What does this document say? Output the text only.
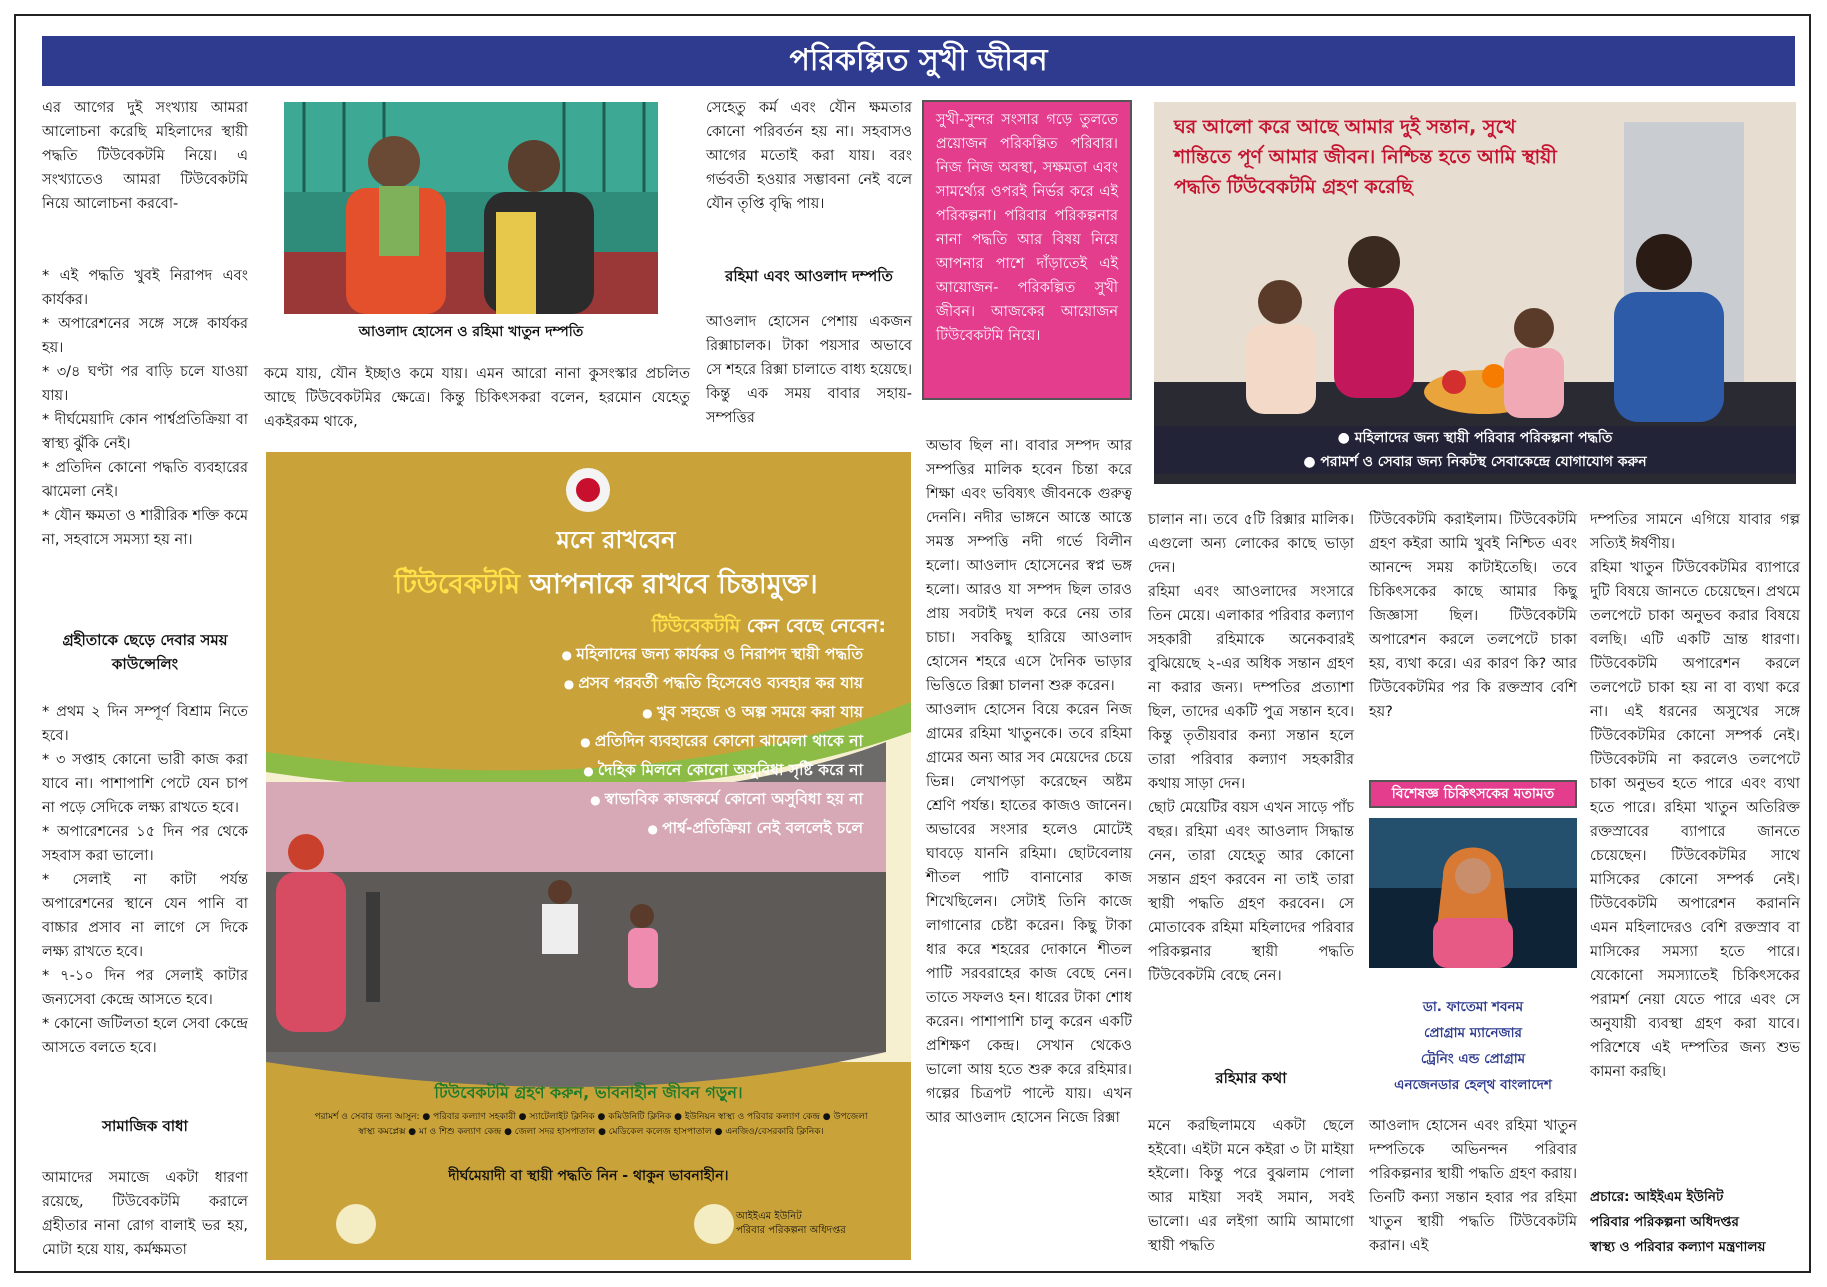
পরিকল্পিত সুখী জীবন
এর আগের দুই সংখ্যায় আমরা আলোচনা করেছি মহিলাদের স্থায়ী পদ্ধতি টিউবেকটমি নিয়ে। এ সংখ্যাতেও আমরা টিউবেকটমি নিয়ে আলোচনা করবো-
* এই পদ্ধতি খুবই নিরাপদ এবং কার্যকর।
* অপারেশনের সঙ্গে সঙ্গে কার্যকর হয়।
* ৩/৪ ঘণ্টা পর বাড়ি চলে যাওয়া যায়।
* দীর্ঘমেয়াদি কোন পার্শ্বপ্রতিক্রিয়া বা স্বাস্থ্য ঝুঁকি নেই।
* প্রতিদিন কোনো পদ্ধতি ব্যবহারের ঝামেলা নেই।
* যৌন ক্ষমতা ও শারীরিক শক্তি কমে না, সহবাসে সমস্যা হয় না।
গ্রহীতাকে ছেড়ে দেবার সময় কাউন্সেলিং
* প্রথম ২ দিন সম্পূর্ণ বিশ্রাম নিতে হবে।
* ৩ সপ্তাহ কোনো ভারী কাজ করা যাবে না। পাশাপাশি পেটে যেন চাপ না পড়ে সেদিকে লক্ষ্য রাখতে হবে।
* অপারেশনের ১৫ দিন পর থেকে সহবাস করা ভালো।
* সেলাই না কাটা পর্যন্ত অপারেশনের স্থানে যেন পানি বা বাচ্চার প্রসাব না লাগে সে দিকে লক্ষ্য রাখতে হবে।
* ৭-১০ দিন পর সেলাই কাটার জন্যসেবা কেন্দ্রে আসতে হবে।
* কোনো জটিলতা হলে সেবা কেন্দ্রে আসতে বলতে হবে।
সামাজিক বাধা
আমাদের সমাজে একটা ধারণা রয়েছে, টিউবেকটমি করালে গ্রহীতার নানা রোগ বালাই ভর হয়, মোটা হয়ে যায়, কর্মক্ষমতা
আওলাদ হোসেন ও রহিমা খাতুন দম্পতি
কমে যায়, যৌন ইচ্ছাও কমে যায়। এমন আরো নানা কুসংস্কার প্রচলিত আছে টিউবেকটমির ক্ষেত্রে। কিন্তু চিকিৎসকরা বলেন, হরমোন যেহেতু একইরকম থাকে,
সেহেতু কর্ম এবং যৌন ক্ষমতার কোনো পরিবর্তন হয় না। সহবাসও আগের মতোই করা যায়। বরং গর্ভবতী হওয়ার সম্ভাবনা নেই বলে যৌন তৃপ্তি বৃদ্ধি পায়।
রহিমা এবং আওলাদ দম্পতি
আওলাদ হোসেন পেশায় একজন রিক্সাচালক। টাকা পয়সার অভাবে সে শহরে রিক্সা চালাতে বাধ্য হয়েছে। কিন্তু এক সময় বাবার সহায়-সম্পত্তির
সুখী-সুন্দর সংসার গড়ে তুলতে প্রয়োজন পরিকল্পিত পরিবার। নিজ নিজ অবস্থা, সক্ষমতা এবং সামর্থ্যের ওপরই নির্ভর করে এই পরিকল্পনা। পরিবার পরিকল্পনার নানা পদ্ধতি আর বিষয় নিয়ে আপনার পাশে দাঁড়াতেই এই আয়োজন- পরিকল্পিত সুখী জীবন। আজকের আয়োজন টিউবেকটমি নিয়ে।
মনে রাখবেন
টিউবেকটমি আপনাকে রাখবে চিন্তামুক্ত।
টিউবেকটমি কেন বেছে নেবেন:
● মহিলাদের জন্য কার্যকর ও নিরাপদ স্থায়ী পদ্ধতি
● প্রসব পরবর্তী পদ্ধতি হিসেবেও ব্যবহার কর যায়
● খুব সহজে ও অল্প সময়ে করা যায়
● প্রতিদিন ব্যবহারের কোনো ঝামেলা থাকে না
● দৈহিক মিলনে কোনো অসুবিধা সৃষ্টি করে না
● স্বাভাবিক কাজকর্মে কোনো অসুবিধা হয় না
● পার্শ্ব-প্রতিক্রিয়া নেই বললেই চলে
টিউবেকটমি গ্রহণ করুন, ভাবনাহীন জীবন গড়ুন।
পরামর্শ ও সেবার জন্য আসুন: ● পরিবার কল্যাণ সহকারী ● স্যাটেলাইট ক্লিনিক ● কমিউনিটি ক্লিনিক ● ইউনিয়ন স্বাস্থ্য ও পরিবার কল্যাণ কেন্দ্র ● উপজেলা স্বাস্থ্য কমপ্লেক্স ● মা ও শিশু কল্যাণ কেন্দ্র ● জেলা সদর হাসপাতাল ● মেডিকেল কলেজ হাসপাতাল ● এনজিও/বেসরকারি ক্লিনিক।
দীর্ঘমেয়াদী বা স্থায়ী পদ্ধতি নিন - থাকুন ভাবনাহীন।
আইইএম ইউনিট
পরিবার পরিকল্পনা অধিদপ্তর
অভাব ছিল না। বাবার সম্পদ আর সম্পত্তির মালিক হবেন চিন্তা করে শিক্ষা এবং ভবিষ্যৎ জীবনকে গুরুত্ব দেননি। নদীর ভাঙ্গনে আস্তে আস্তে সমস্ত সম্পত্তি নদী গর্ভে বিলীন হলো। আওলাদ হোসেনের স্বপ্ন ভঙ্গ হলো। আরও যা সম্পদ ছিল তারও প্রায় সবটাই দখল করে নেয় তার চাচা। সবকিছু হারিয়ে আওলাদ হোসেন শহরে এসে দৈনিক ভাড়ার ভিত্তিতে রিক্সা চালনা শুরু করেন।
আওলাদ হোসেন বিয়ে করেন নিজ গ্রামের রহিমা খাতুনকে। তবে রহিমা গ্রামের অন্য আর সব মেয়েদের চেয়ে ভিন্ন। লেখাপড়া করেছেন অষ্টম শ্রেণি পর্যন্ত। হাতের কাজও জানেন। অভাবের সংসার হলেও মোটেই ঘাবড়ে যাননি রহিমা। ছোটবেলায় শীতল পাটি বানানোর কাজ শিখেছিলেন। সেটাই তিনি কাজে লাগানোর চেষ্টা করেন। কিছু টাকা ধার করে শহরের দোকানে শীতল পাটি সরবরাহের কাজ বেছে নেন। তাতে সফলও হন। ধারের টাকা শোধ করেন। পাশাপাশি চালু করেন একটি প্রশিক্ষণ কেন্দ্র। সেখান থেকেও ভালো আয় হতে শুরু করে রহিমার। গল্পের চিত্রপট পাল্টে যায়। এখন আর আওলাদ হোসেন নিজে রিক্সা
ঘর আলো করে আছে আমার দুই সন্তান, সুখে শান্তিতে পূর্ণ আমার জীবন। নিশ্চিন্ত হতে আমি স্থায়ী পদ্ধতি টিউবেকটমি গ্রহণ করেছি
● মহিলাদের জন্য স্থায়ী পরিবার পরিকল্পনা পদ্ধতি
● পরামর্শ ও সেবার জন্য নিকটস্থ সেবাকেন্দ্রে যোগাযোগ করুন
চালান না। তবে ৫টি রিক্সার মালিক। এগুলো অন্য লোকের কাছে ভাড়া দেন।
রহিমা এবং আওলাদের সংসারে তিন মেয়ে। এলাকার পরিবার কল্যাণ সহকারী রহিমাকে অনেকবারই বুঝিয়েছে ২-এর অধিক সন্তান গ্রহণ না করার জন্য। দম্পতির প্রত্যাশা ছিল, তাদের একটি পুত্র সন্তান হবে। কিন্তু তৃতীয়বার কন্যা সন্তান হলে তারা পরিবার কল্যাণ সহকারীর কথায় সাড়া দেন।
ছোট মেয়েটির বয়স এখন সাড়ে পাঁচ বছর। রহিমা এবং আওলাদ সিদ্ধান্ত নেন, তারা যেহেতু আর কোনো সন্তান গ্রহণ করবেন না তাই তারা স্থায়ী পদ্ধতি গ্রহণ করবেন। সে মোতাবেক রহিমা মহিলাদের পরিবার পরিকল্পনার স্থায়ী পদ্ধতি টিউবেকটমি বেছে নেন।
রহিমার কথা
মনে করছিলামযে একটা ছেলে হইবো। এইটা মনে কইরা ৩ টা মাইয়া হইলো। কিন্তু পরে বুঝলাম পোলা আর মাইয়া সবই সমান, সবই ভালো। এর লইগা আমি আমাগো স্থায়ী পদ্ধতি
টিউবেকটমি করাইলাম। টিউবেকটমি গ্রহণ কইরা আমি খুবই নিশ্চিত এবং আনন্দে সময় কাটাইতেছি। তবে চিকিৎসকের কাছে আমার কিছু জিজ্ঞাসা ছিল। টিউবেকটমি অপারেশন করলে তলপেটে চাকা হয়, ব্যথা করে। এর কারণ কি? আর টিউবেকটমির পর কি রক্তস্রাব বেশি হয়?
বিশেষজ্ঞ চিকিৎসকের মতামত
ডা. ফাতেমা শবনম
প্রোগ্রাম ম্যানেজার
ট্রেনিং এন্ড প্রোগ্রাম
এনজেনডার হেল্থ বাংলাদেশ
আওলাদ হোসেন এবং রহিমা খাতুন দম্পতিকে অভিনন্দন পরিবার পরিকল্পনার স্থায়ী পদ্ধতি গ্রহণ করায়। তিনটি কন্যা সন্তান হবার পর রহিমা খাতুন স্থায়ী পদ্ধতি টিউবেকটমি করান। এই
দম্পতির সামনে এগিয়ে যাবার গল্প সত্যিই ঈর্ষণীয়।
রহিমা খাতুন টিউবেকটমির ব্যাপারে দুটি বিষয়ে জানতে চেয়েছেন। প্রথমে তলপেটে চাকা অনুভব করার বিষয়ে বলছি। এটি একটি ভ্রান্ত ধারণা। টিউবেকটমি অপারেশন করলে তলপেটে চাকা হয় না বা ব্যথা করে না। এই ধরনের অসুখের সঙ্গে টিউবেকটমির কোনো সম্পর্ক নেই। টিউবেকটমি না করলেও তলপেটে চাকা অনুভব হতে পারে এবং ব্যথা হতে পারে। রহিমা খাতুন অতিরিক্ত রক্তস্রাবের ব্যাপারে জানতে চেয়েছেন। টিউবেকটমির সাথে মাসিকের কোনো সম্পর্ক নেই। টিউবেকটমি অপারেশন করাননি এমন মহিলাদেরও বেশি রক্তস্রাব বা মাসিকের সমস্যা হতে পারে। যেকোনো সমস্যাতেই চিকিৎসকের পরামর্শ নেয়া যেতে পারে এবং সে অনুযায়ী ব্যবস্থা গ্রহণ করা যাবে। পরিশেষে এই দম্পতির জন্য শুভ কামনা করছি।
প্রচারে: আইইএম ইউনিট
পরিবার পরিকল্পনা অধিদপ্তর
স্বাস্থ্য ও পরিবার কল্যাণ মন্ত্রণালয়
